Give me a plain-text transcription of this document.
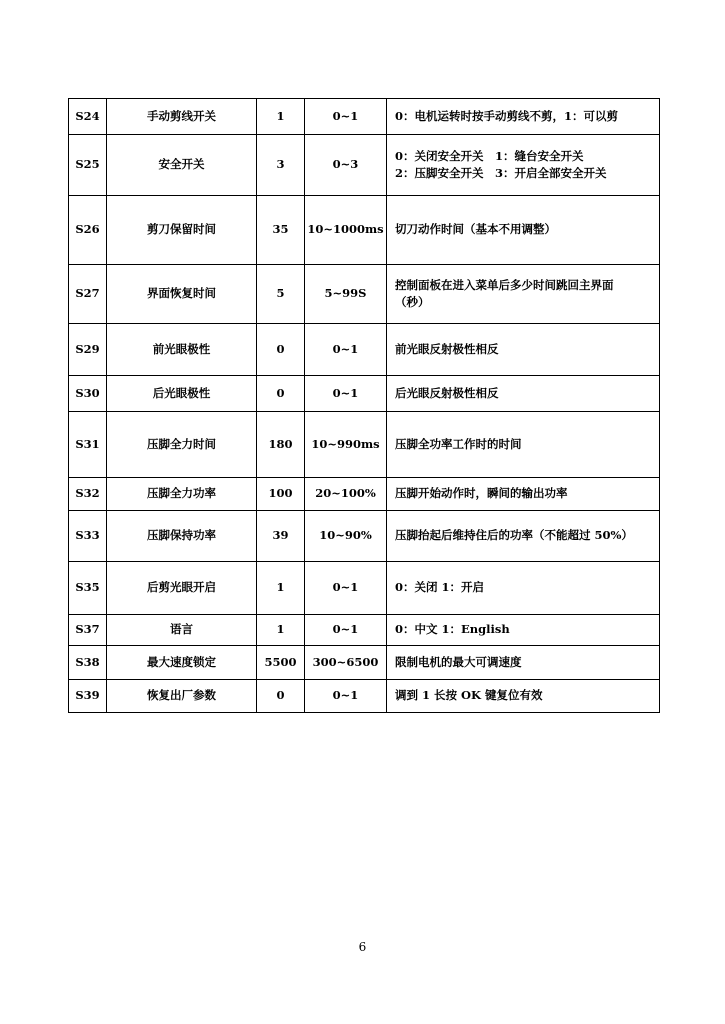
S24	手动剪线开关	1	0~1	0：电机运转时按手动剪线不剪，1：可以剪

S25	安全开关	3	0~3	0：关闭安全开关　1：缝台安全开关
2：压脚安全开关　3：开启全部安全开关

S26	剪刀保留时间	35	10~1000ms	切刀动作时间（基本不用调整）

S27	界面恢复时间	5	5~99S	控制面板在进入菜单后多少时间跳回主界面
（秒）

S29	前光眼极性	0	0~1	前光眼反射极性相反

S30	后光眼极性	0	0~1	后光眼反射极性相反

S31	压脚全力时间	180	10~990ms	压脚全功率工作时的时间

S32	压脚全力功率	100	20~100%	压脚开始动作时，瞬间的输出功率

S33	压脚保持功率	39	10~90%	压脚抬起后维持住后的功率（不能超过 50%）

S35	后剪光眼开启	1	0~1	0：关闭 1：开启

S37	语言	1	0~1	0：中文 1：English

S38	最大速度锁定	5500	300~6500	限制电机的最大可调速度

S39	恢复出厂参数	0	0~1	调到 1 长按 OK 键复位有效
6
